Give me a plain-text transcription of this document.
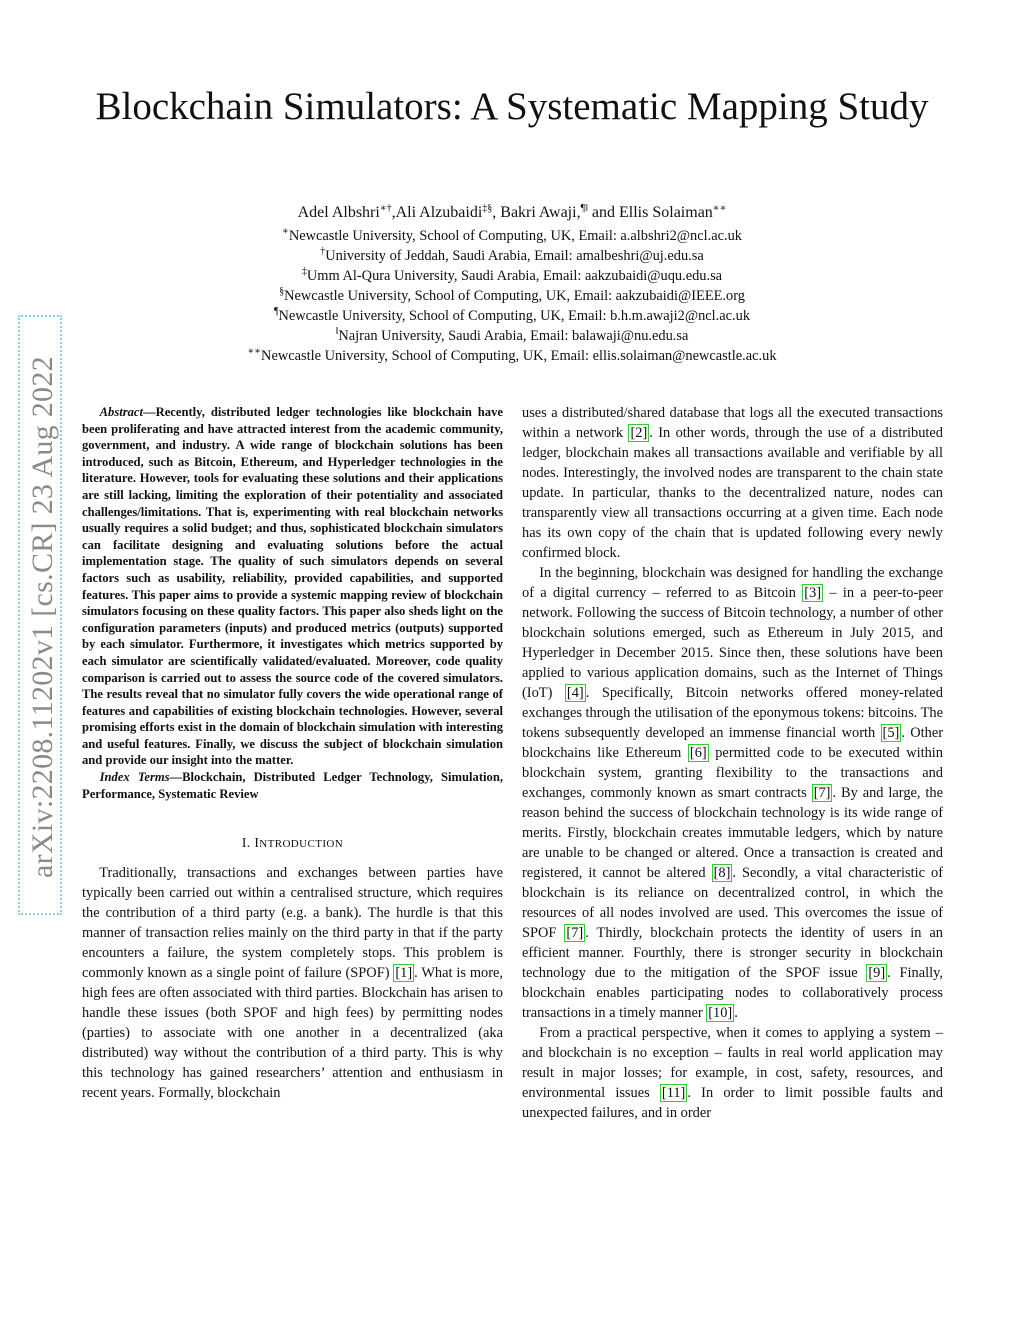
arXiv:2208.11202v1 [cs.CR] 23 Aug 2022
Blockchain Simulators: A Systematic Mapping Study
Adel Albshri∗†,Ali Alzubaidi‡§, Bakri Awaji,¶‖ and Ellis Solaiman∗∗
∗Newcastle University, School of Computing, UK, Email: a.albshri2@ncl.ac.uk
†University of Jeddah, Saudi Arabia, Email: amalbeshri@uj.edu.sa
‡Umm Al-Qura University, Saudi Arabia, Email: aakzubaidi@uqu.edu.sa
§Newcastle University, School of Computing, UK, Email: aakzubaidi@IEEE.org
¶Newcastle University, School of Computing, UK, Email: b.h.m.awaji2@ncl.ac.uk
‖Najran University, Saudi Arabia, Email: balawaji@nu.edu.sa
∗∗Newcastle University, School of Computing, UK, Email: ellis.solaiman@newcastle.ac.uk

Abstract—Recently, distributed ledger technologies like blockchain have been proliferating and have attracted interest from the academic community, government, and industry. A wide range of blockchain solutions has been introduced, such as Bitcoin, Ethereum, and Hyperledger technologies in the literature. However, tools for evaluating these solutions and their applications are still lacking, limiting the exploration of their potentiality and associated challenges/limitations. That is, experimenting with real blockchain networks usually requires a solid budget; and thus, sophisticated blockchain simulators can facilitate designing and evaluating solutions before the actual implementation stage. The quality of such simulators depends on several factors such as usability, reliability, provided capabilities, and supported features. This paper aims to provide a systemic mapping review of blockchain simulators focusing on these quality factors. This paper also sheds light on the configuration parameters (inputs) and produced metrics (outputs) supported by each simulator. Furthermore, it investigates which metrics supported by each simulator are scientifically validated/evaluated. Moreover, code quality comparison is carried out to assess the source code of the covered simulators. The results reveal that no simulator fully covers the wide operational range of features and capabilities of existing blockchain technologies. However, several promising efforts exist in the domain of blockchain simulation with interesting and useful features. Finally, we discuss the subject of blockchain simulation and provide our insight into the matter.

Index Terms—Blockchain, Distributed Ledger Technology, Simulation, Performance, Systematic Review

I. INTRODUCTION

Traditionally, transactions and exchanges between parties have typically been carried out within a centralised structure, which requires the contribution of a third party (e.g. a bank). The hurdle is that this manner of transaction relies mainly on the third party in that if the party encounters a failure, the system completely stops. This problem is commonly known as a single point of failure (SPOF) [1] . What is more, high fees are often associated with third parties. Blockchain has arisen to handle these issues (both SPOF and high fees) by permitting nodes (parties) to associate with one another in a decentralized (aka distributed) way without the contribution of a third party. This is why this technology has gained researchers’ attention and enthusiasm in recent years. Formally, blockchain

uses a distributed/shared database that logs all the executed transactions within a network [2] . In other words, through the use of a distributed ledger, blockchain makes all transactions available and verifiable by all nodes. Interestingly, the involved nodes are transparent to the chain state update. In particular, thanks to the decentralized nature, nodes can transparently view all transactions occurring at a given time. Each node has its own copy of the chain that is updated following every newly confirmed block.

In the beginning, blockchain was designed for handling the exchange of a digital currency – referred to as Bitcoin [3] – in a peer-to-peer network. Following the success of Bitcoin technology, a number of other blockchain solutions emerged, such as Ethereum in July 2015, and Hyperledger in December 2015. Since then, these solutions have been applied to various application domains, such as the Internet of Things (IoT) [4] . Specifically, Bitcoin networks offered money-related exchanges through the utilisation of the eponymous tokens: bitcoins. The tokens subsequently developed an immense financial worth [5] . Other blockchains like Ethereum [6] permitted code to be executed within blockchain system, granting flexibility to the transactions and exchanges, commonly known as smart contracts [7] . By and large, the reason behind the success of blockchain technology is its wide range of merits. Firstly, blockchain creates immutable ledgers, which by nature are unable to be changed or altered. Once a transaction is created and registered, it cannot be altered [8] . Secondly, a vital characteristic of blockchain is its reliance on decentralized control, in which the resources of all nodes involved are used. This overcomes the issue of SPOF [7] . Thirdly, blockchain protects the identity of users in an efficient manner. Fourthly, there is stronger security in blockchain technology due to the mitigation of the SPOF issue [9] . Finally, blockchain enables participating nodes to collaboratively process transactions in a timely manner [10] .

From a practical perspective, when it comes to applying a system – and blockchain is no exception – faults in real world application may result in major losses; for example, in cost, safety, resources, and environmental issues [11] . In order to limit possible faults and unexpected failures, and in order
